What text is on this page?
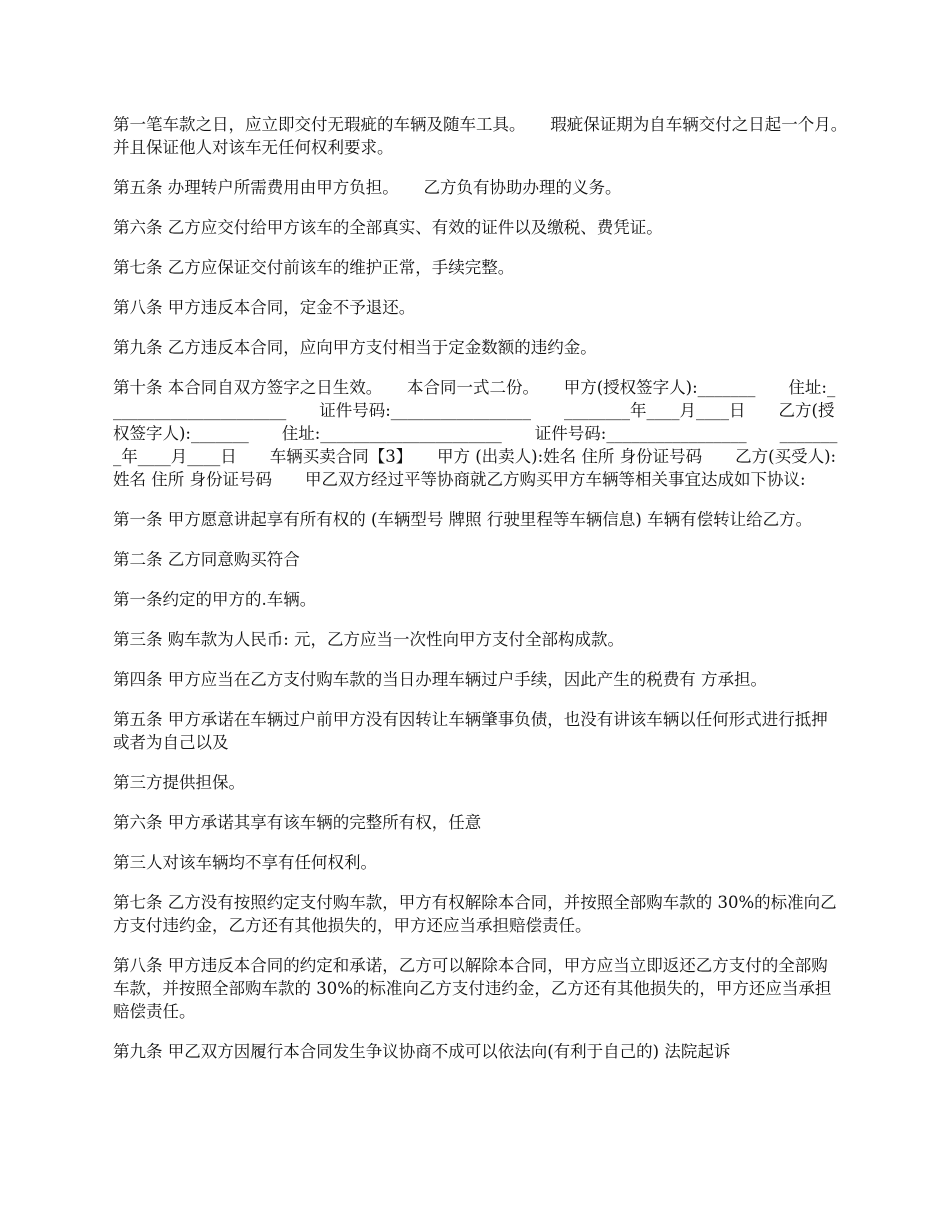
第一笔车款之日，应立即交付无瑕疵的车辆及随车工具。　　瑕疵保证期为自车辆交付之日起一个月。　　并且保证他人对该车无任何权利要求。

第五条 办理转户所需费用由甲方负担。　　乙方负有协助办理的义务。

第六条 乙方应交付给甲方该车的全部真实、有效的证件以及缴税、费凭证。

第七条 乙方应保证交付前该车的维护正常，手续完整。

第八条 甲方违反本合同，定金不予退还。

第九条 乙方违反本合同，应向甲方支付相当于定金数额的违约金。

第十条 本合同自双方签字之日生效。　　本合同一式二份。　　甲方(授权签字人):_______　　住址:______________________　　证件号码:_________________　　________年____月____日　　乙方(授权签字人):_______　　住址:______________________　　证件号码:_________________　　________年____月____日　　车辆买卖合同【3】　　甲方 (出卖人):姓名 住所 身份证号码　　乙方(买受人):姓名 住所 身份证号码　　甲乙双方经过平等协商就乙方购买甲方车辆等相关事宜达成如下协议:

第一条 甲方愿意讲起享有所有权的 (车辆型号 牌照 行驶里程等车辆信息) 车辆有偿转让给乙方。

第二条 乙方同意购买符合

第一条约定的甲方的.车辆。

第三条 购车款为人民币: 元，乙方应当一次性向甲方支付全部构成款。

第四条 甲方应当在乙方支付购车款的当日办理车辆过户手续，因此产生的税费有 方承担。

第五条 甲方承诺在车辆过户前甲方没有因转让车辆肇事负债，也没有讲该车辆以任何形式进行抵押或者为自己以及

第三方提供担保。

第六条 甲方承诺其享有该车辆的完整所有权，任意

第三人对该车辆均不享有任何权利。

第七条 乙方没有按照约定支付购车款，甲方有权解除本合同，并按照全部购车款的 30%的标准向乙方支付违约金，乙方还有其他损失的，甲方还应当承担赔偿责任。

第八条 甲方违反本合同的约定和承诺，乙方可以解除本合同，甲方应当立即返还乙方支付的全部购车款，并按照全部购车款的 30%的标准向乙方支付违约金，乙方还有其他损失的，甲方还应当承担赔偿责任。

第九条 甲乙双方因履行本合同发生争议协商不成可以依法向(有利于自己的) 法院起诉
